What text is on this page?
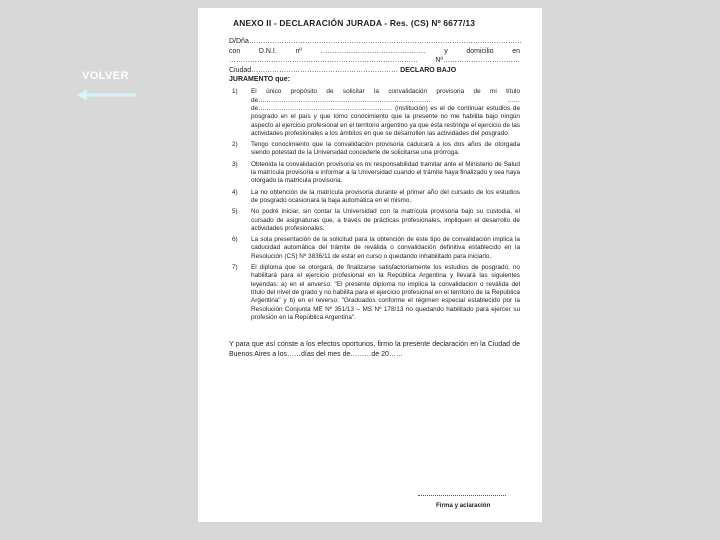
VOLVER
ANEXO II - DECLARACIÓN JURADA - Res. (CS) Nº 6677/13
D/Dña……………………………………………………………………………………………………… con D.N.I. nº ……………………………………… y domicilio en ……………………………………………………………………… Nº…………………………… Ciudad……………………………………………………… DECLARO BAJO
JURAMENTO que:
1)	El único propósito de solicitar la convalidación provisoria de mi título de……………………………………………………………………… ……de……………………………………………………… (institución) es el de continuar estudios de posgrado en el país y que tomo conocimiento que la presente no me habilita bajo ningún aspecto al ejercicio profesional en el territorio argentino ya que ésta restringe el ejercicio de las actividades profesionales a los ámbitos en que se desarrollen las actividades del posgrado.
2)	Tengo conocimiento que la convalidación provisoria caducará a los dos años de otorgada siendo potestad de la Universidad concederle de solicitarse una prórroga.
3)	Obtenida la convalidación provisoria es mi responsabilidad tramitar ante el Ministerio de Salud la matrícula provisoria e informar a la Universidad cuando el trámite haya finalizado y sea haya otorgado la matrícula provisoria.
4)	La no obtención de la matrícula provisoria durante el primer año del cursado de los estudios de posgrado ocasionará la baja automática en el mismo.
5)	No podré iniciar, sin contar la Universidad con la matrícula provisoria bajo su custodia, el cursado de asignaturas que, a través de prácticas profesionales, impliquen el desarrollo de actividades profesionales.
6)	La sola presentación de la solicitud para la obtención de este tipo de convalidación implica la caducidad automática del trámite de reválida o convalidación definitiva establecido en la Resolución (CS) Nº 3836/11 de estar en curso o quedando inhabilitado para iniciarlo.
7)	El diploma que se otorgará, de finalizarse satisfactoriamente los estudios de posgrado, no habilitará para el ejercicio profesional en la República Argentina y llevará las siguientes leyendas: a) en el anverso: "El presente diploma no implica la convalidación o reválida del título del nivel de grado y no habilita para el ejercicio profesional en el territorio de la República Argentina" y b) en el reverso: "Graduados conforme el régimen especial establecido por la Resolución Conjunta ME Nº 351/13 – MS Nº 178/13 no quedando habilitado para ejercer su profesión en la República Argentina".
Y para que así conste a los efectos oportunos, firmo la presente declaración en la Ciudad de Buenos Aires a los……días del mes de………de 20……
Firma y aclaración
